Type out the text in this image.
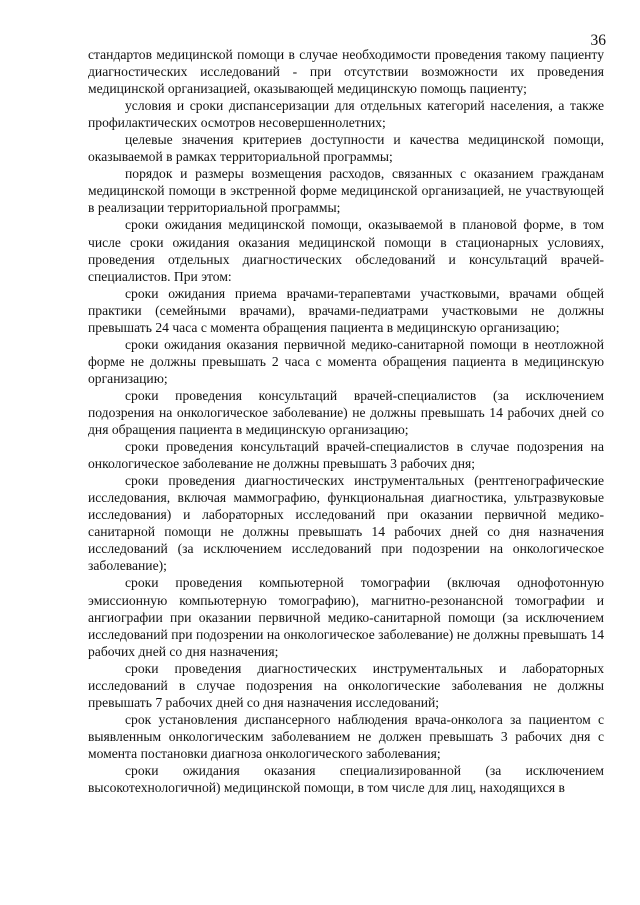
36

стандартов медицинской помощи в случае необходимости проведения такому пациенту диагностических исследований - при отсутствии возможности их проведения медицинской организацией, оказывающей медицинскую помощь пациенту;

условия и сроки диспансеризации для отдельных категорий населения, а также профилактических осмотров несовершеннолетних;

целевые значения критериев доступности и качества медицинской помощи, оказываемой в рамках территориальной программы;

порядок и размеры возмещения расходов, связанных с оказанием гражданам медицинской помощи в экстренной форме медицинской организацией, не участвующей в реализации территориальной программы;

сроки ожидания медицинской помощи, оказываемой в плановой форме, в том числе сроки ожидания оказания медицинской помощи в стационарных условиях, проведения отдельных диагностических обследований и консультаций врачей- специалистов. При этом:

сроки ожидания приема врачами-терапевтами участковыми, врачами общей практики (семейными врачами), врачами-педиатрами участковыми не должны превышать 24 часа с момента обращения пациента в медицинскую организацию;

сроки ожидания оказания первичной медико-санитарной помощи в неотложной форме не должны превышать 2 часа с момента обращения пациента в медицинскую организацию;

сроки проведения консультаций врачей-специалистов (за исключением подозрения на онкологическое заболевание) не должны превышать 14 рабочих дней со дня обращения пациента в медицинскую организацию;

сроки проведения консультаций врачей-специалистов в случае подозрения на онкологическое заболевание не должны превышать 3 рабочих дня;

сроки проведения диагностических инструментальных (рентгенографические исследования, включая маммографию, функциональная диагностика, ультразвуковые исследования) и лабораторных исследований при оказании первичной медико- санитарной помощи не должны превышать 14 рабочих дней со дня назначения исследований (за исключением исследований при подозрении на онкологическое заболевание);

сроки проведения компьютерной томографии (включая однофотонную эмиссионную компьютерную томографию), магнитно-резонансной томографии и ангиографии при оказании первичной медико-санитарной помощи (за исключением исследований при подозрении на онкологическое заболевание) не должны превышать 14 рабочих дней со дня назначения;

сроки проведения диагностических инструментальных и лабораторных исследований в случае подозрения на онкологические заболевания не должны превышать 7 рабочих дней со дня назначения исследований;

срок установления диспансерного наблюдения врача-онколога за пациентом с выявленным онкологическим заболеванием не должен превышать 3 рабочих дня с момента постановки диагноза онкологического заболевания;

сроки ожидания оказания специализированной (за исключением высокотехнологичной) медицинской помощи, в том числе для лиц, находящихся в
